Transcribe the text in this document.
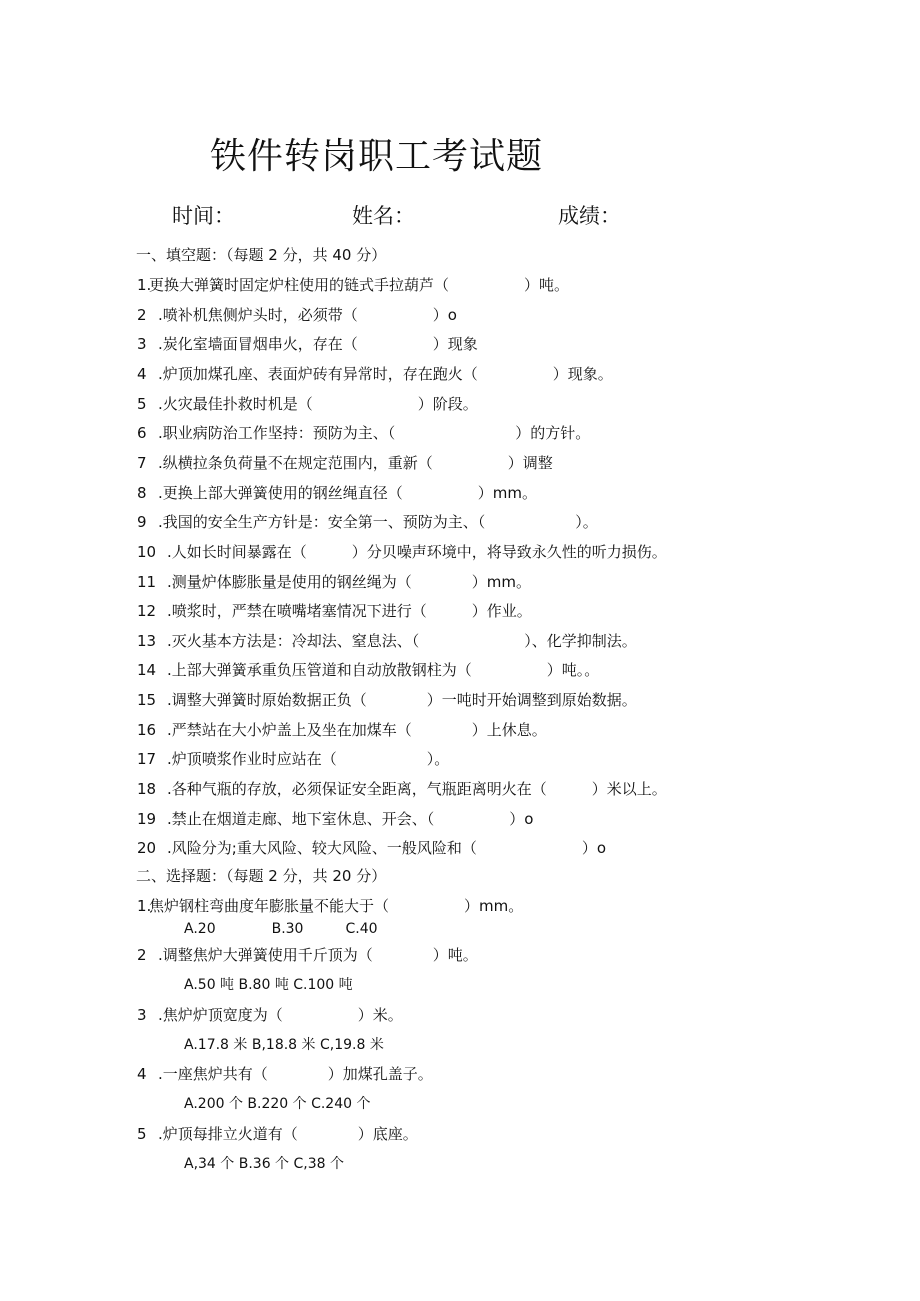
铁件转岗职工考试题
时间：	姓名：	成绩：
一、填空题：（每题 2 分，共 40 分）
1.
更换大弹簧时固定炉柱使用的链式手拉葫芦（　　　　　）吨。
2 .喷补机焦侧炉头时，必须带（　　　　　）o
3 .炭化室墙面冒烟串火，存在（　　　　　）现象
4 .炉顶加煤孔座、表面炉砖有异常时，存在跑火（　　　　　）现象。
5 .火灾最佳扑救时机是（　　　　　　　）阶段。
6 .职业病防治工作坚持：预防为主、（　　　　　　　　）的方针。
7 .纵横拉条负荷量不在规定范围内，重新（　　　　　）调整
8 .更换上部大弹簧使用的钢丝绳直径（　　　　　）mm。
9 .我国的安全生产方针是：安全第一、预防为主、（　　　　　　）。
10 .人如长时间暴露在（　　　）分贝噪声环境中，将导致永久性的听力损伤。
11 .测量炉体膨胀量是使用的钢丝绳为（　　　　）mm。
12 .喷浆时，严禁在喷嘴堵塞情况下进行（　　　）作业。
13 .灭火基本方法是：冷却法、窒息法、（　　　　　　　）、化学抑制法。
14 .上部大弹簧承重负压管道和自动放散钢柱为（　　　　　）吨。。
15 .调整大弹簧时原始数据正负（　　　　）一吨时开始调整到原始数据。
16 .严禁站在大小炉盖上及坐在加煤车（　　　　）上休息。
17 .炉顶喷浆作业时应站在（　　　　　　）。
18 .各种气瓶的存放，必须保证安全距离，气瓶距离明火在（　　　）米以上。
19 .禁止在烟道走廊、地下室休息、开会、（　　　　　）o
20 .风险分为;重大风险、较大风险、一般风险和（　　　　　　　）o
二、选择题：（每题 2 分，共 20 分）
1.
焦炉钢柱弯曲度年膨胀量不能大于（　　　　　）mm。
A.20　　　　B.30　　　C.40
2 .调整焦炉大弹簧使用千斤顶为（　　　　）吨。
A.50 吨 B.80 吨 C.100 吨
3 .焦炉炉顶宽度为（　　　　　）米。
A.17.8 米 B,18.8 米 C,19.8 米
4 .一座焦炉共有（　　　　）加煤孔盖子。
A.200 个 B.220 个 C.240 个
5 .炉顶每排立火道有（　　　　）底座。
A,34 个 B.36 个 C,38 个
